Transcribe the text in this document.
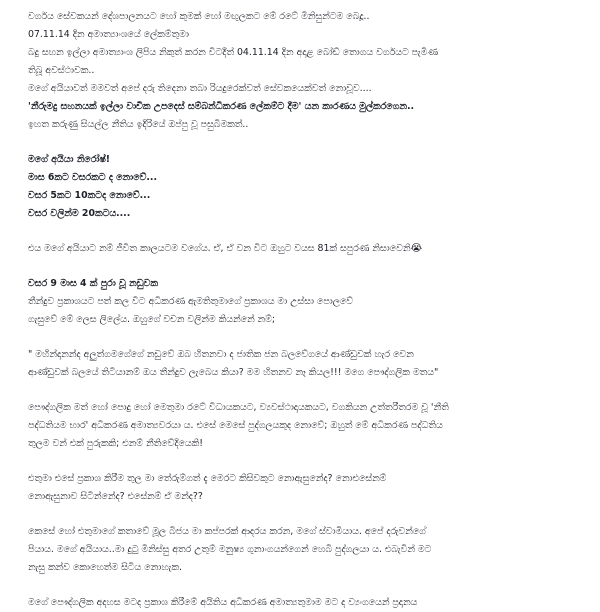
වර්ගය සේවකයන් දේශපාලනයට හෝ කුමක් හෝ මඟුලකට මේ රටේ මිනිසුන්ටම බෙදූ..
07.11.14 දින අමාත්‍යාංශයේ ලේකම්තුමා
බදු සහන ඉල්ලා අමාත්‍යාංශ ලිපිය නිකුත් කරන විටදීත් 04.11.14 දින අදාළ බෝඩ් තොගය වර්ගයට පැමිණ
තිබූ අවස්ථාවක..
මගේ අයියාවත් මමවත් අපේ දරු තිදෙනා තබා රියදුරෙක්වත් සේවකයෙක්වත් නොවූව....
'නීරුමදු සහනයක් ඉල්ලා වාචික උපදෙස් සම්බන්ධීකරණ ලේකම්ට දීම' යන කාරණය මුල්කරගෙන..
ඉහත කරුණු සියල්ල නීතිය ඉදිරියේ ඔප්පු වූ පසුබිමකත්..
මගේ අයියා නිරෝෂ්!
මාස 6කට වසරකට ද නොවේ...
වසර 5කට 10කටද නොවේ...
වසර වලින්ම 20කටය....
එය මගේ අයියාට නම් ජීවිත කාලයටම වගේය. ඒ, ඒ වන විට ඔහුට වයස 81ක් සපුරණ නිසාවෙනි😭
වසර 9 මාස 4 ක් පුරා වූ නඩුවක
තීන්දුව ප්‍රකාශයට පත් කල විට අධිකරණ ඇමතිතුමාගේ ප්‍රකාශය මා උස්සා පොලවේ
ගැසුවේ මේ ලෙස ලිලේය. ඔහුගේ වචන වලින්ම කියන්නේ නම්;
" මහින්දානන්ද අලුත්ගමගේගේ නඩුවේ ඔබ හිතනවා ද ජාතික ජන බලවේගයේ ආණ්ඩුවක් හැර වෙන
ආණ්ඩුවක් බලයේ තිටියානම් ඔය තීන්දුව ලැබෙය කියා? මම හිතනව නෑ කියල!!! මගෙ පෞද්ගලික මතය"
පෞද්ගලික මත් හෝ පොදු හෝ මෙතුමා රටේ විධායකයට, ව්‍යවස්ථාදායකයට, වගකියන උත්තරීතරම වූ 'නීති
පද්ධතියම භාර' අධිකරණ අමාත්‍යවරයා ය. එසේ මෙසේ පුද්ගලයකුද නොවේ; ඔහුත් මේ අධිකරණ පද්ධතිය
තුලම වන් එක් පුරුකකි; එනම් නීතිවේදියෙකි!
එතුමා එසේ ප්‍රකාශ කිරීම තුල මා තේරුම්ගත් දැ මෙරට කිසිවකුට නොඇසුනේද? නොඑසේනම්
නොඇසුනාව සිටින්නේද? එසේනම් ඒ මන්ද??
කෙසේ හෝ එතුමාගේ කතාවේ මූල බීජය මා කප්පරක් ආදරය කරන, මගේ ස්වාමියාය. අපේ දරුවන්ගේ
පියාය. මගේ අයියාය..මා දුටු මිනිස්සු අතර උතුම් මනුෂ්‍ය ගුනාංගයන්ගෙන් හෙබි පුද්ගලයා ය. එබැවින් මට
නැසු කන්ව කොහෙත්ම සිටිය නොහැක.
මගේ පෞද්ගලික අදහස මටද ප්‍රකාශ කිරීමේ අයිතිය අධිකරණ අමාත්‍යතුමාම මට ද ව්‍යංගයෙන් ප්‍රදානය
